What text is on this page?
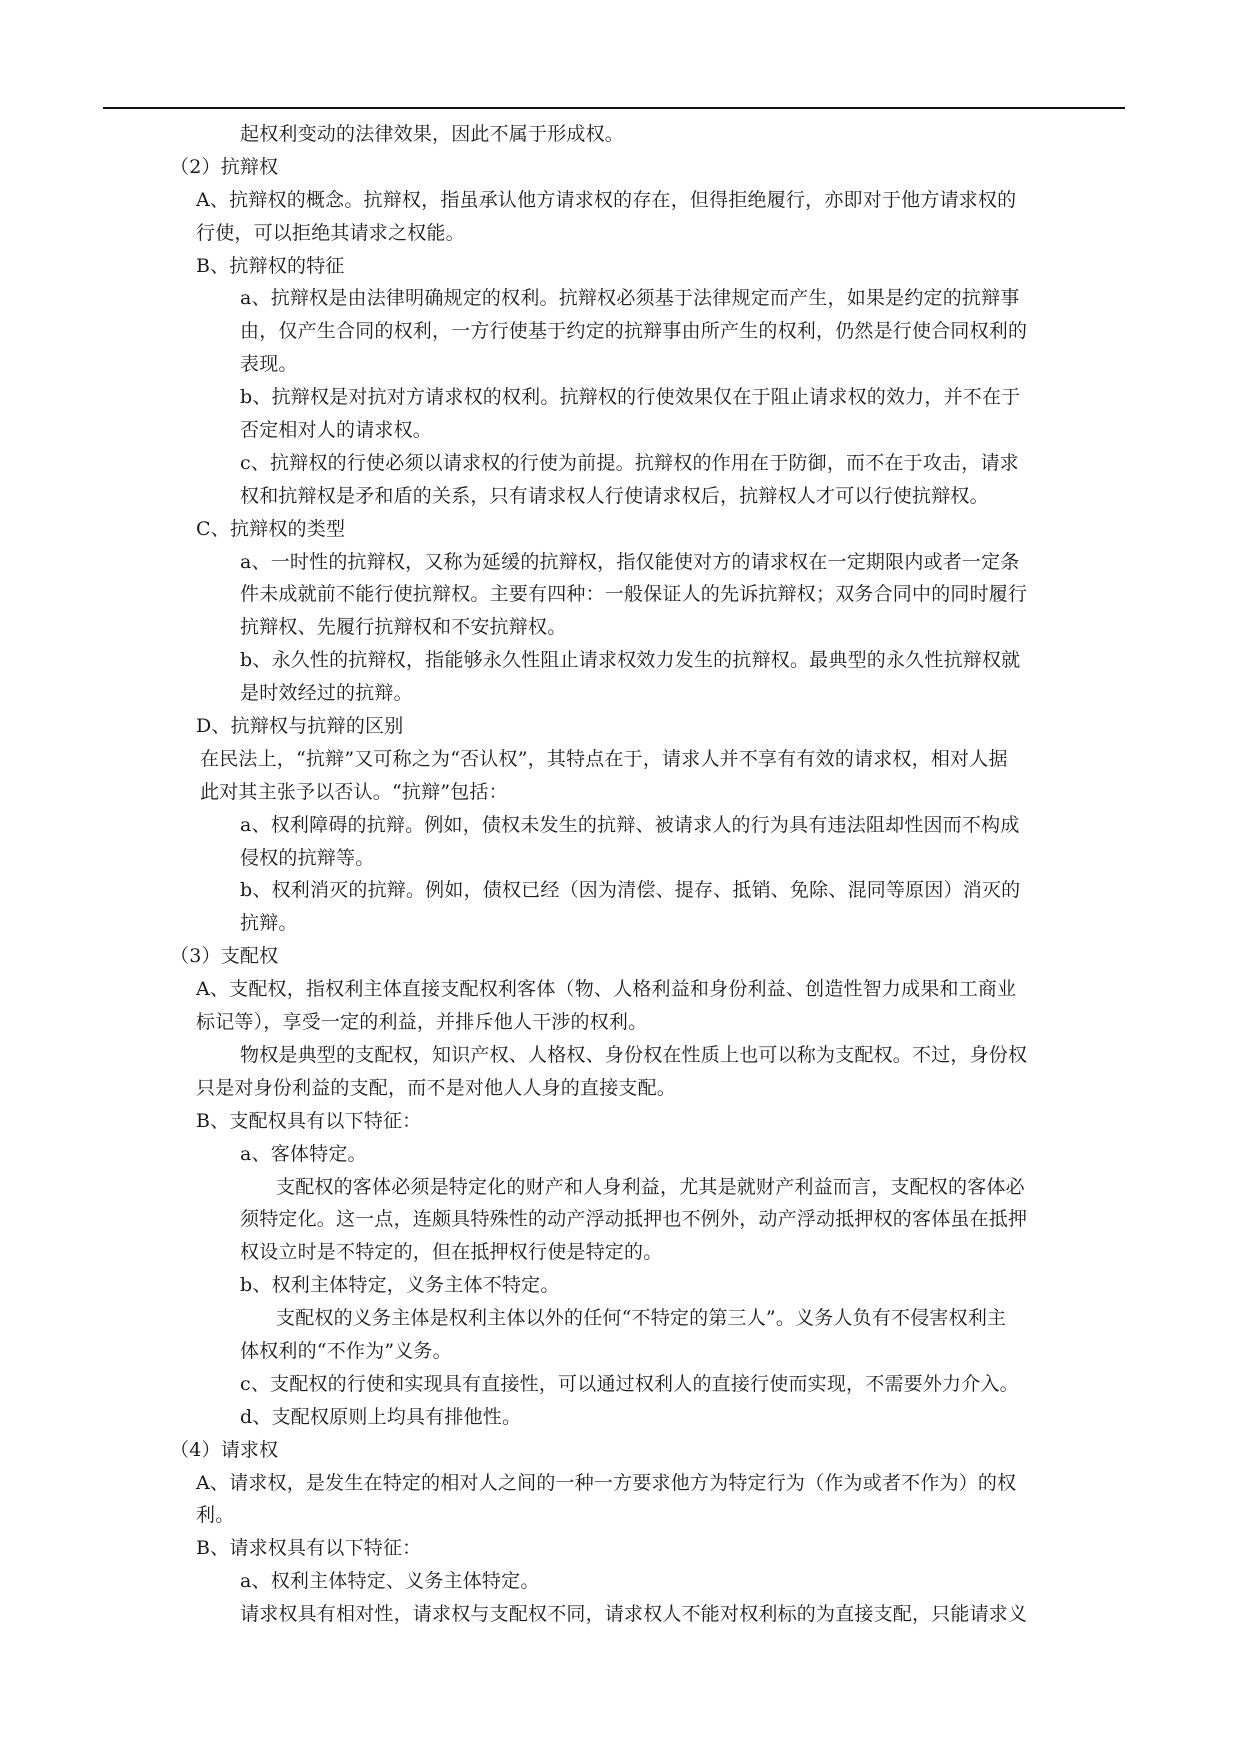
起权利变动的法律效果，因此不属于形成权。
（2）抗辩权
A、抗辩权的概念。抗辩权，指虽承认他方请求权的存在，但得拒绝履行，亦即对于他方请求权的
行使，可以拒绝其请求之权能。
B、抗辩权的特征
a、抗辩权是由法律明确规定的权利。抗辩权必须基于法律规定而产生，如果是约定的抗辩事
由，仅产生合同的权利，一方行使基于约定的抗辩事由所产生的权利，仍然是行使合同权利的
表现。
b、抗辩权是对抗对方请求权的权利。抗辩权的行使效果仅在于阻止请求权的效力，并不在于
否定相对人的请求权。
c、抗辩权的行使必须以请求权的行使为前提。抗辩权的作用在于防御，而不在于攻击，请求
权和抗辩权是矛和盾的关系，只有请求权人行使请求权后，抗辩权人才可以行使抗辩权。
C、抗辩权的类型
a、一时性的抗辩权，又称为延缓的抗辩权，指仅能使对方的请求权在一定期限内或者一定条
件未成就前不能行使抗辩权。主要有四种：一般保证人的先诉抗辩权；双务合同中的同时履行
抗辩权、先履行抗辩权和不安抗辩权。
b、永久性的抗辩权，指能够永久性阻止请求权效力发生的抗辩权。最典型的永久性抗辩权就
是时效经过的抗辩。
D、抗辩权与抗辩的区别
在民法上，“抗辩”又可称之为“否认权”，其特点在于，请求人并不享有有效的请求权，相对人据
此对其主张予以否认。“抗辩”包括：
a、权利障碍的抗辩。例如，债权未发生的抗辩、被请求人的行为具有违法阻却性因而不构成
侵权的抗辩等。
b、权利消灭的抗辩。例如，债权已经（因为清偿、提存、抵销、免除、混同等原因）消灭的
抗辩。
（3）支配权
A、支配权，指权利主体直接支配权利客体（物、人格利益和身份利益、创造性智力成果和工商业
标记等），享受一定的利益，并排斥他人干涉的权利。
物权是典型的支配权，知识产权、人格权、身份权在性质上也可以称为支配权。不过，身份权
只是对身份利益的支配，而不是对他人人身的直接支配。
B、支配权具有以下特征：
a、客体特定。
支配权的客体必须是特定化的财产和人身利益，尤其是就财产利益而言，支配权的客体必
须特定化。这一点，连颇具特殊性的动产浮动抵押也不例外，动产浮动抵押权的客体虽在抵押
权设立时是不特定的，但在抵押权行使是特定的。
b、权利主体特定，义务主体不特定。
支配权的义务主体是权利主体以外的任何“不特定的第三人”。义务人负有不侵害权利主
体权利的“不作为”义务。
c、支配权的行使和实现具有直接性，可以通过权利人的直接行使而实现，不需要外力介入。
d、支配权原则上均具有排他性。
（4）请求权
A、请求权，是发生在特定的相对人之间的一种一方要求他方为特定行为（作为或者不作为）的权
利。
B、请求权具有以下特征：
a、权利主体特定、义务主体特定。
请求权具有相对性，请求权与支配权不同，请求权人不能对权利标的为直接支配，只能请求义
